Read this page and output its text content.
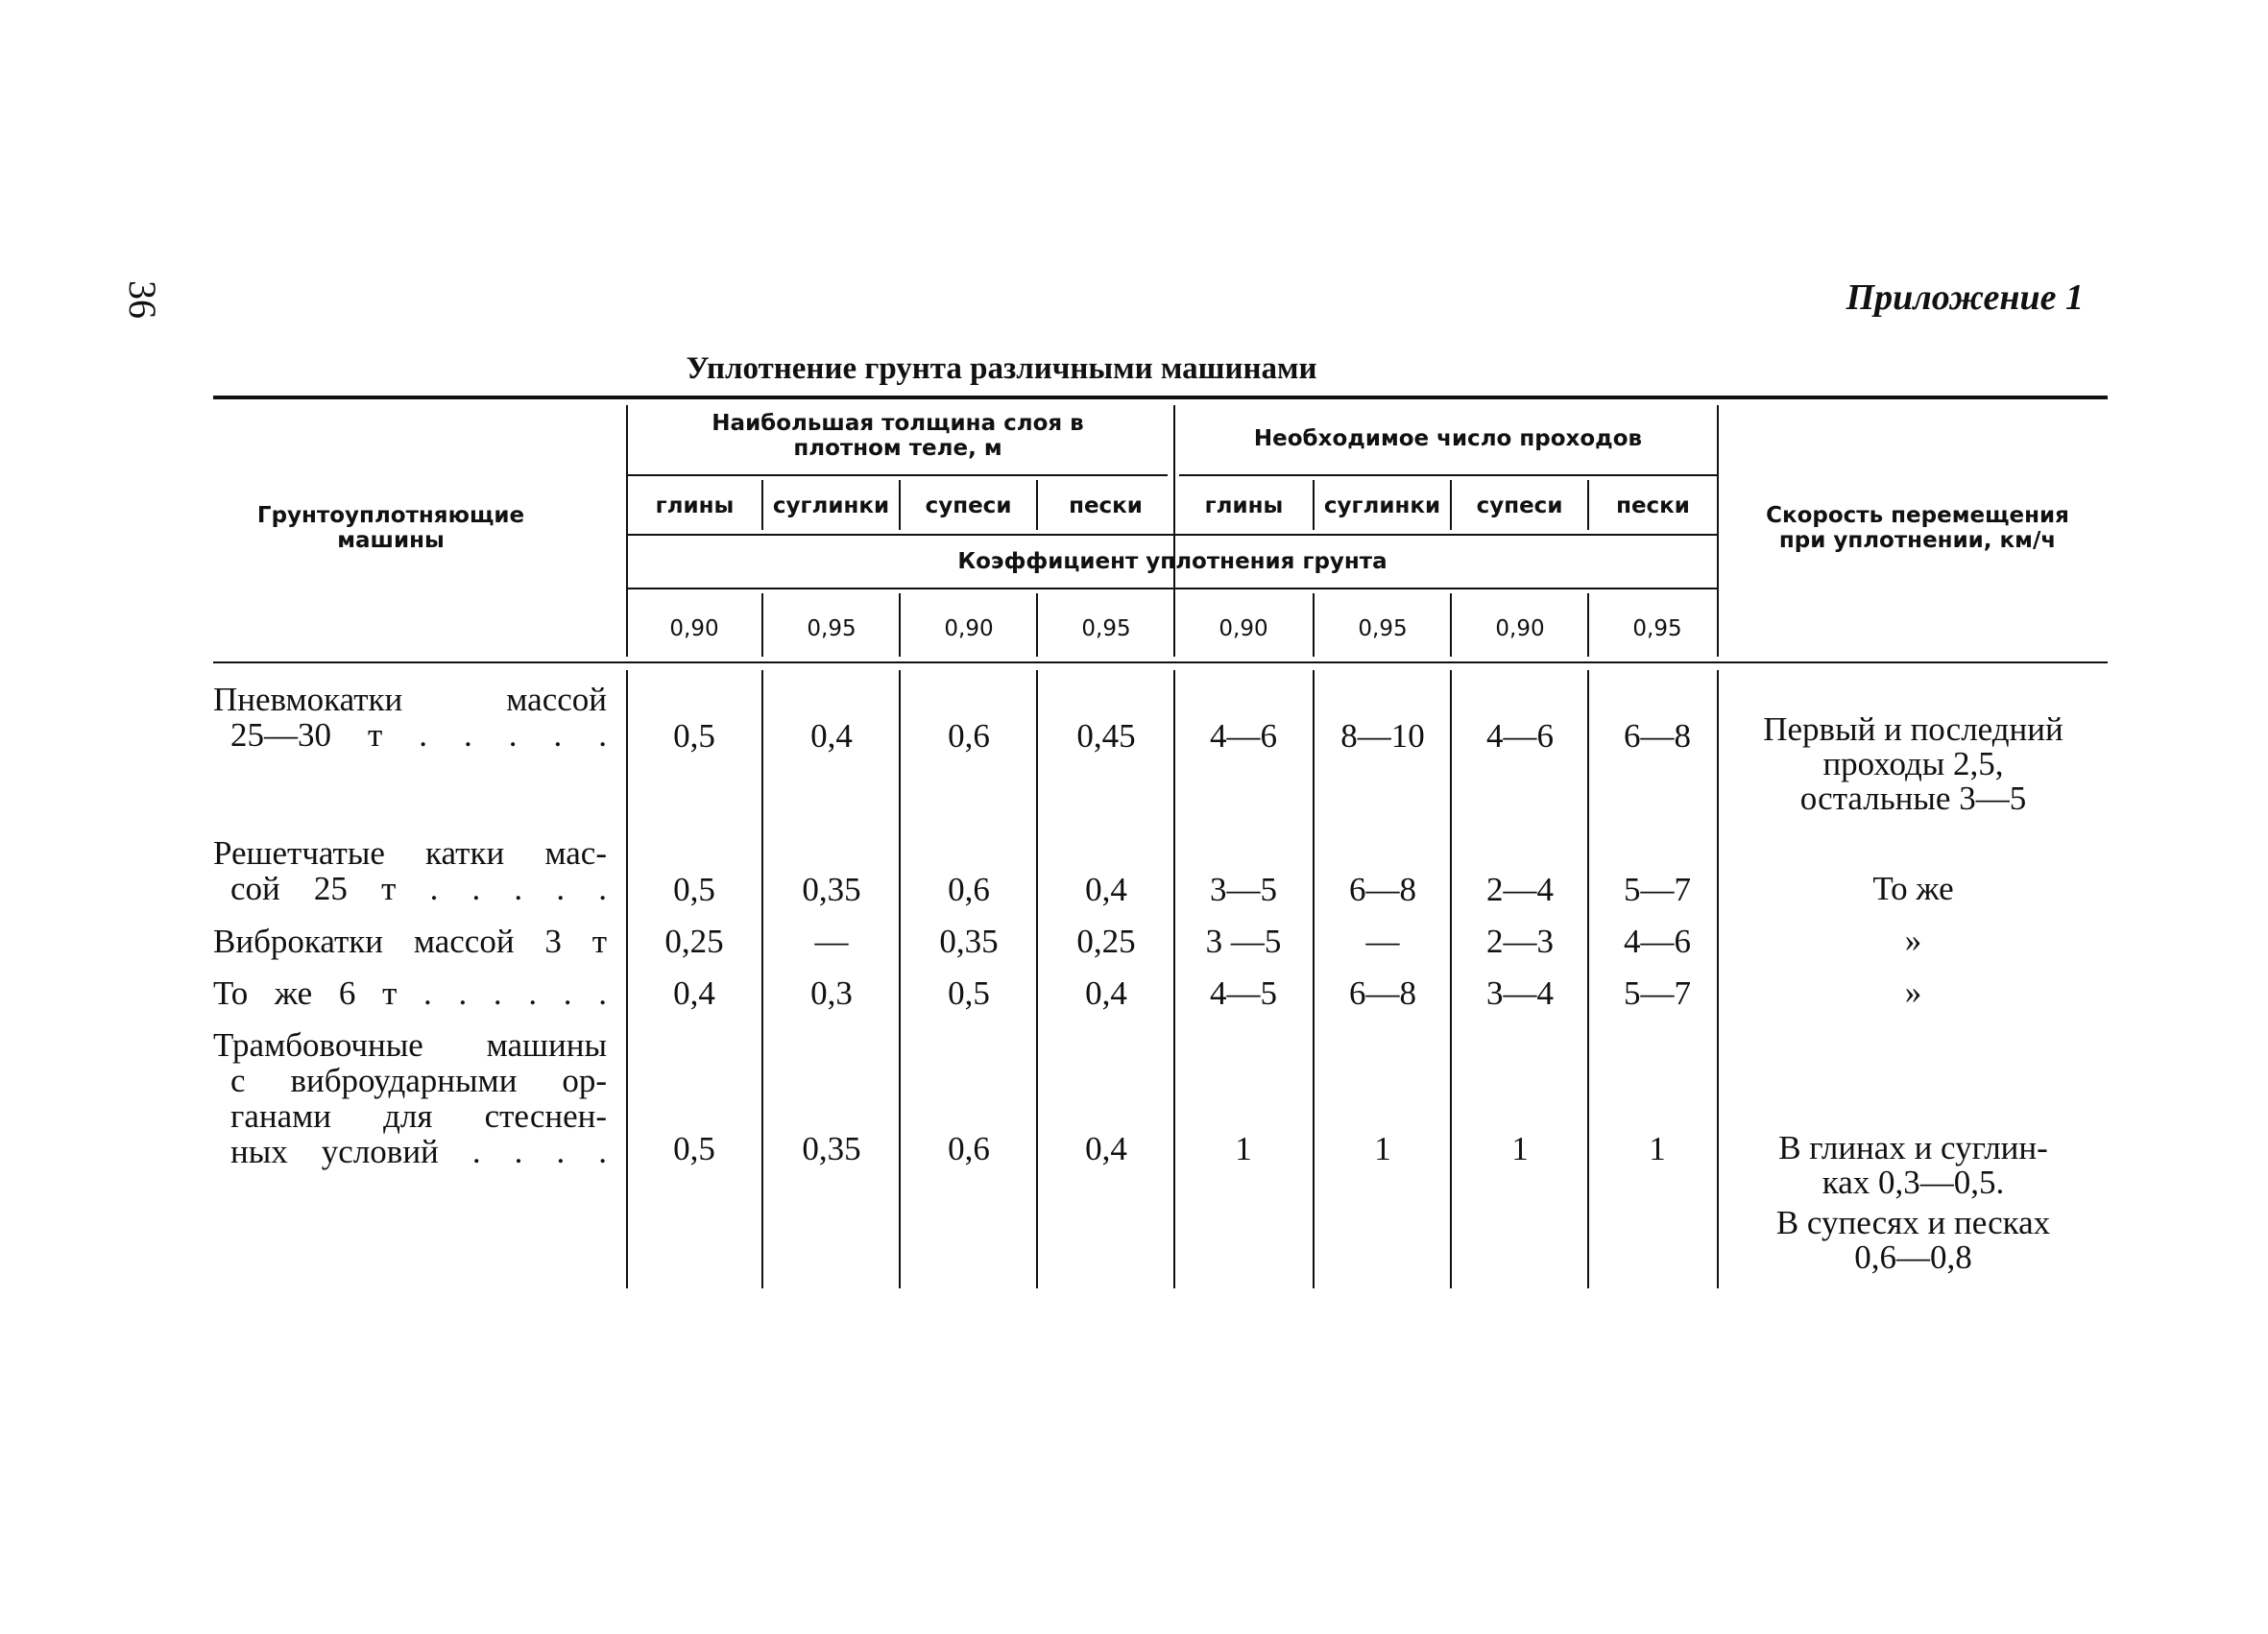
36	Приложение 1
Уплотнение грунта различными машинами
Грунтоуплотняющие машины
Наибольшая толщина слоя в плотном теле, м	Необходимое число проходов
Скорость перемещения при уплотнении, км/ч
глины	суглинки	супеси	пески	глины	суглинки	супеси	пески
Коэффициент уплотнения грунта
0,90	0,95	0,90	0,95	0,90	0,95	0,90	0,95
Пневмокатки массой
25—30 т . . . . .	0,5	0,4	0,6	0,45	4—6	8—10	4—6	6—8	Первый и последний
проходы 2,5,
остальные 3—5
Решетчатые катки мас-
сой 25 т . . . . .	0,5	0,35	0,6	0,4	3—5	6—8	2—4	5—7	То же
Виброкатки массой 3 т	0,25	—	0,35	0,25	3 —5	—	2—3	4—6	»
То же 6 т . . . . . .	0,4	0,3	0,5	0,4	4—5	6—8	3—4	5—7	»
Трамбовочные машины
с виброударными ор-
ганами для стеснен-
ных условий . . . .	0,5	0,35	0,6	0,4	1	1	1	1	В глинах и суглин-
ках 0,3—0,5.
В супесях и песках
0,6—0,8
